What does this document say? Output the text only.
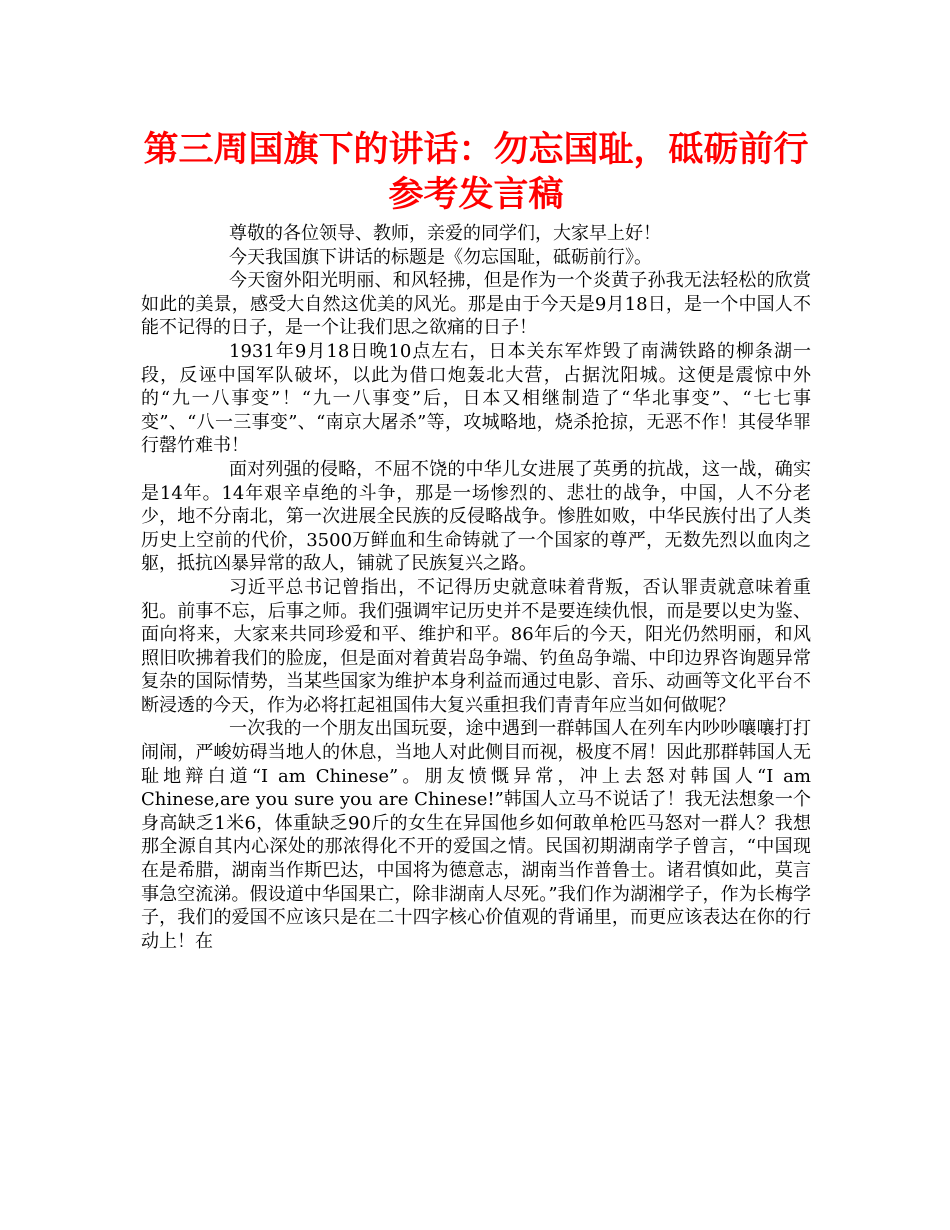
第三周国旗下的讲话：勿忘国耻，砥砺前行参考发言稿

尊敬的各位领导、教师，亲爱的同学们，大家早上好！

今天我国旗下讲话的标题是《勿忘国耻，砥砺前行》。

今天窗外阳光明丽、和风轻拂，但是作为一个炎黄子孙我无法轻松的欣赏如此的美景，感受大自然这优美的风光。那是由于今天是9月18日，是一个中国人不能不记得的日子，是一个让我们思之欲痛的日子！

1931年9月18日晚10点左右，日本关东军炸毁了南满铁路的柳条湖一段，反诬中国军队破坏，以此为借口炮轰北大营，占据沈阳城。这便是震惊中外的“九一八事变”！“九一八事变”后，日本又相继制造了“华北事变”、“七七事变”、“八一三事变”、“南京大屠杀”等，攻城略地，烧杀抢掠，无恶不作！其侵华罪行罄竹难书！

面对列强的侵略，不屈不饶的中华儿女进展了英勇的抗战，这一战，确实是14年。14年艰辛卓绝的斗争，那是一场惨烈的、悲壮的战争，中国，人不分老少，地不分南北，第一次进展全民族的反侵略战争。惨胜如败，中华民族付出了人类历史上空前的代价，3500万鲜血和生命铸就了一个国家的尊严，无数先烈以血肉之躯，抵抗凶暴异常的敌人，铺就了民族复兴之路。

习近平总书记曾指出，不记得历史就意味着背叛，否认罪责就意味着重犯。前事不忘，后事之师。我们强调牢记历史并不是要连续仇恨，而是要以史为鉴、面向将来，大家来共同珍爱和平、维护和平。86年后的今天，阳光仍然明丽，和风照旧吹拂着我们的脸庞，但是面对着黄岩岛争端、钓鱼岛争端、中印边界咨询题异常复杂的国际情势，当某些国家为维护本身利益而通过电影、音乐、动画等文化平台不断浸透的今天，作为必将扛起祖国伟大复兴重担我们青青年应当如何做呢？

一次我的一个朋友出国玩耍，途中遇到一群韩国人在列车内吵吵嚷嚷打打闹闹，严峻妨碍当地人的休息，当地人对此侧目而视，极度不屑！因此那群韩国人无耻地辩白道“I am Chinese”。朋友愤慨异常，冲上去怒对韩国人“I am Chinese,are you sure you are Chinese!”韩国人立马不说话了！我无法想象一个身高缺乏1米6，体重缺乏90斤的女生在异国他乡如何敢单枪匹马怒对一群人？我想那全源自其内心深处的那浓得化不开的爱国之情。民国初期湖南学子曾言，“中国现在是希腊，湖南当作斯巴达，中国将为德意志，湖南当作普鲁士。诸君慎如此，莫言事急空流涕。假设道中华国果亡，除非湖南人尽死。”我们作为湖湘学子，作为长梅学子，我们的爱国不应该只是在二十四字核心价值观的背诵里，而更应该表达在你的行动上！在
